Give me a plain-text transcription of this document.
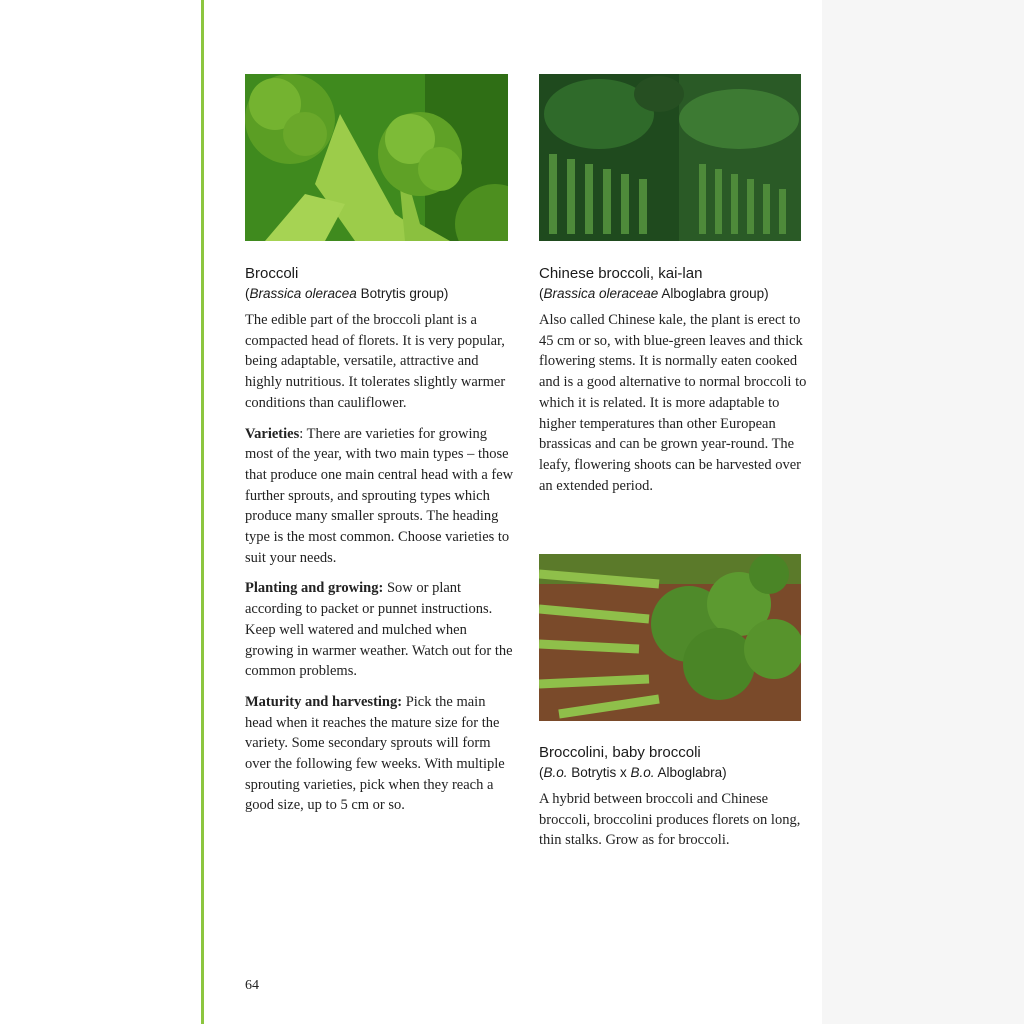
Broccoli

(Brassica oleracea Botrytis group)

The edible part of the broccoli plant is a compacted head of florets. It is very popular, being adaptable, versatile, attractive and highly nutritious. It tolerates slightly warmer conditions than cauliflower.

Varieties: There are varieties for growing most of the year, with two main types – those that produce one main central head with a few further sprouts, and sprouting types which produce many smaller sprouts. The heading type is the most common. Choose varieties to suit your needs.

Planting and growing: Sow or plant according to packet or punnet instructions. Keep well watered and mulched when growing in warmer weather. Watch out for the common problems.

Maturity and harvesting: Pick the main head when it reaches the mature size for the variety. Some secondary sprouts will form over the following few weeks. With multiple sprouting varieties, pick when they reach a good size, up to 5 cm or so.

Chinese broccoli, kai-lan

(Brassica oleraceae Alboglabra group)

Also called Chinese kale, the plant is erect to 45 cm or so, with blue-green leaves and thick flowering stems. It is normally eaten cooked and is a good alternative to normal broccoli to which it is related. It is more adaptable to higher temperatures than other European brassicas and can be grown year-round. The leafy, flowering shoots can be harvested over an extended period.

Broccolini, baby broccoli

(B.o. Botrytis x B.o. Alboglabra)

A hybrid between broccoli and Chinese broccoli, broccolini produces florets on long, thin stalks. Grow as for broccoli.

64
